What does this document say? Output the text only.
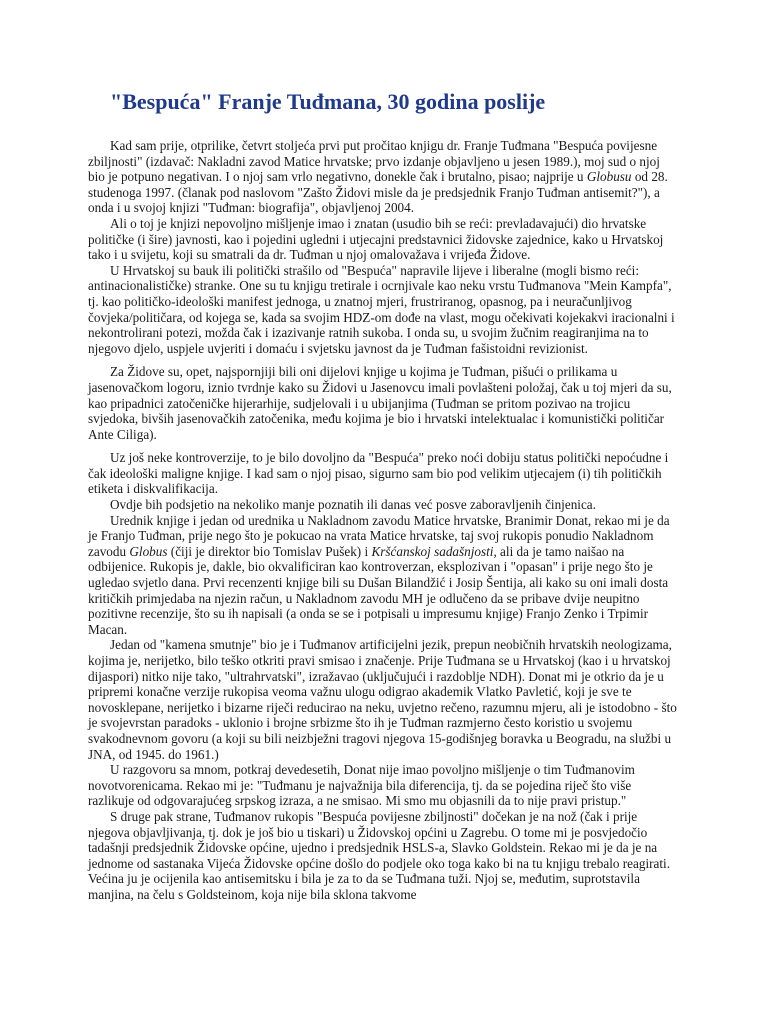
"Bespuća" Franje Tuđmana, 30 godina poslije

Kad sam prije, otprilike, četvrt stoljeća prvi put pročitao knjigu dr. Franje Tuđmana "Bespuća povijesne zbiljnosti" (izdavač: Nakladni zavod Matice hrvatske; prvo izdanje objavljeno u jesen 1989.), moj sud o njoj bio je potpuno negativan. I o njoj sam vrlo negativno, donekle čak i brutalno, pisao; najprije u Globusu od 28. studenoga 1997. (članak pod naslovom "Zašto Židovi misle da je predsjednik Franjo Tuđman antisemit?"), a onda i u svojoj knjizi "Tuđman: biografija", objavljenoj 2004.

Ali o toj je knjizi nepovoljno mišljenje imao i znatan (usudio bih se reći: prevladavajući) dio hrvatske političke (i šire) javnosti, kao i pojedini ugledni i utjecajni predstavnici židovske zajednice, kako u Hrvatskoj tako i u svijetu, koji su smatrali da dr. Tuđman u njoj omalovažava i vrijeđa Židove.

U Hrvatskoj su bauk ili politički strašilo od "Bespuća" napravile lijeve i liberalne (mogli bismo reći: antinacionalističke) stranke. One su tu knjigu tretirale i ocrnjivale kao neku vrstu Tuđmanova "Mein Kampfa", tj. kao političko-ideološki manifest jednoga, u znatnoj mjeri, frustriranog, opasnog, pa i neuračunljivog čovjeka/političara, od kojega se, kada sa svojim HDZ-om dođe na vlast, mogu očekivati kojekakvi iracionalni i nekontrolirani potezi, možda čak i izazivanje ratnih sukoba. I onda su, u svojim žučnim reagiranjima na to njegovo djelo, uspjele uvjeriti i domaću i svjetsku javnost da je Tuđman fašistoidni revizionist.

Za Židove su, opet, najspornjiji bili oni dijelovi knjige u kojima je Tuđman, pišući o prilikama u jasenovačkom logoru, iznio tvrdnje kako su Židovi u Jasenovcu imali povlašteni položaj, čak u toj mjeri da su, kao pripadnici zatočeničke hijerarhije, sudjelovali i u ubijanjima (Tuđman se pritom pozivao na trojicu svjedoka, bivših jasenovačkih zatočenika, među kojima je bio i hrvatski intelektualac i komunistički političar Ante Ciliga).

Uz još neke kontroverzije, to je bilo dovoljno da "Bespuća" preko noći dobiju status politički nepoćudne i čak ideološki maligne knjige. I kad sam o njoj pisao, sigurno sam bio pod velikim utjecajem (i) tih političkih etiketa i diskvalifikacija.

Ovdje bih podsjetio na nekoliko manje poznatih ili danas već posve zaboravljenih činjenica.

Urednik knjige i jedan od urednika u Nakladnom zavodu Matice hrvatske, Branimir Donat, rekao mi je da je Franjo Tuđman, prije nego što je pokucao na vrata Matice hrvatske, taj svoj rukopis ponudio Nakladnom zavodu Globus (čiji je direktor bio Tomislav Pušek) i Kršćanskoj sadašnjosti, ali da je tamo naišao na odbijenice. Rukopis je, dakle, bio okvalificiran kao kontroverzan, eksplozivan i "opasan" i prije nego što je ugledao svjetlo dana. Prvi recenzenti knjige bili su Dušan Bilandžić i Josip Šentija, ali kako su oni imali dosta kritičkih primjedaba na njezin račun, u Nakladnom zavodu MH je odlučeno da se pribave dvije neupitno pozitivne recenzije, što su ih napisali (a onda se se i potpisali u impresumu knjige) Franjo Zenko i Trpimir Macan.

Jedan od "kamena smutnje" bio je i Tuđmanov artificijelni jezik, prepun neobičnih hrvatskih neologizama, kojima je, nerijetko, bilo teško otkriti pravi smisao i značenje. Prije Tuđmana se u Hrvatskoj (kao i u hrvatskoj dijaspori) nitko nije tako, "ultrahrvatski", izražavao (uključujući i razdoblje NDH). Donat mi je otkrio da je u pripremi konačne verzije rukopisa veoma važnu ulogu odigrao akademik Vlatko Pavletić, koji je sve te novosklepane, nerijetko i bizarne riječi reducirao na neku, uvjetno rečeno, razumnu mjeru, ali je istodobno - što je svojevrstan paradoks - uklonio i brojne srbizme što ih je Tuđman razmjerno često koristio u svojemu svakodnevnom govoru (a koji su bili neizbježni tragovi njegova 15-godišnjeg boravka u Beogradu, na službi u JNA, od 1945. do 1961.)

U razgovoru sa mnom, potkraj devedesetih, Donat nije imao povoljno mišljenje o tim Tuđmanovim novotvorenicama. Rekao mi je: "Tuđmanu je najvažnija bila diferencija, tj. da se pojedina riječ što više razlikuje od odgovarajućeg srpskog izraza, a ne smisao. Mi smo mu objasnili da to nije pravi pristup."

S druge pak strane, Tuđmanov rukopis "Bespuća povijesne zbiljnosti" dočekan je na nož (čak i prije njegova objavljivanja, tj. dok je još bio u tiskari) u Židovskoj općini u Zagrebu. O tome mi je posvjedočio tadašnji predsjednik Židovske općine, ujedno i predsjednik HSLS-a, Slavko Goldstein. Rekao mi je da je na jednome od sastanaka Vijeća Židovske općine došlo do podjele oko toga kako bi na tu knjigu trebalo reagirati. Većina ju je ocijenila kao antisemitsku i bila je za to da se Tuđmana tuži. Njoj se, međutim, suprotstavila manjina, na čelu s Goldsteinom, koja nije bila sklona takvome
